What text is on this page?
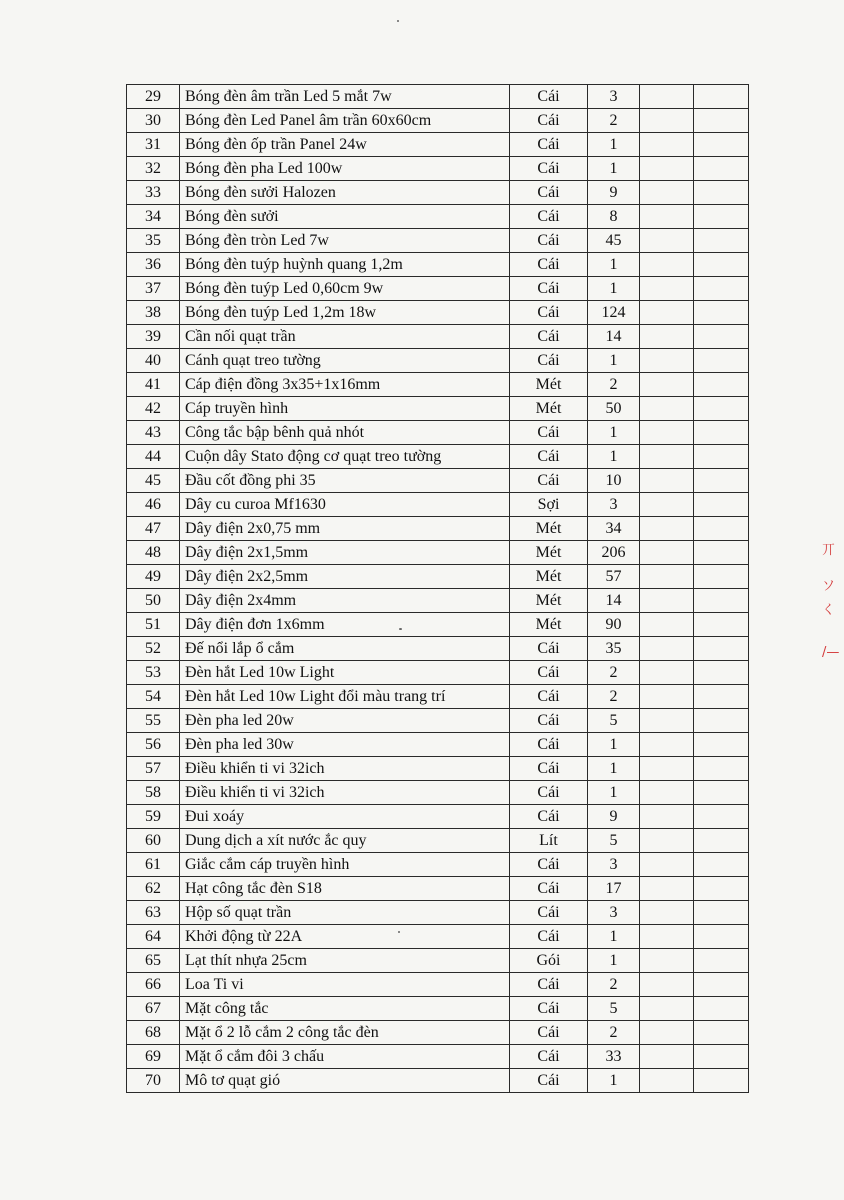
29	Bóng đèn âm trần Led 5 mắt 7w	Cái	3		
30	Bóng đèn Led Panel âm trần 60x60cm	Cái	2		
31	Bóng đèn ốp trần Panel 24w	Cái	1		
32	Bóng đèn pha Led 100w	Cái	1		
33	Bóng đèn sưởi Halozen	Cái	9		
34	Bóng đèn sưởi	Cái	8		
35	Bóng đèn tròn Led 7w	Cái	45		
36	Bóng đèn tuýp huỳnh quang 1,2m	Cái	1		
37	Bóng đèn tuýp Led 0,60cm 9w	Cái	1		
38	Bóng đèn tuýp Led 1,2m 18w	Cái	124		
39	Cần nối quạt trần	Cái	14		
40	Cánh quạt treo tường	Cái	1		
41	Cáp điện đồng 3x35+1x16mm	Mét	2		
42	Cáp truyền hình	Mét	50		
43	Công tắc bập bênh quả nhót	Cái	1		
44	Cuộn dây Stato động cơ quạt treo tường	Cái	1		
45	Đầu cốt đồng phi 35	Cái	10		
46	Dây cu curoa Mf1630	Sợi	3		
47	Dây điện 2x0,75 mm	Mét	34		
48	Dây điện 2x1,5mm	Mét	206		
49	Dây điện 2x2,5mm	Mét	57		
50	Dây điện 2x4mm	Mét	14		
51	Dây điện đơn 1x6mm	Mét	90		
52	Đế nổi lắp ổ cắm	Cái	35		
53	Đèn hắt Led 10w Light	Cái	2		
54	Đèn hắt Led 10w Light đổi màu trang trí	Cái	2		
55	Đèn pha led 20w	Cái	5		
56	Đèn pha led 30w	Cái	1		
57	Điều khiển ti vi 32ich	Cái	1		
58	Điều khiển ti vi 32ich	Cái	1		
59	Đui xoáy	Cái	9		
60	Dung dịch a xít nước ắc quy	Lít	5		
61	Giắc cắm cáp truyền hình	Cái	3		
62	Hạt công tắc đèn S18	Cái	17		
63	Hộp số quạt trần	Cái	3		
64	Khởi động từ 22A	Cái	1		
65	Lạt thít nhựa 25cm	Gói	1		
66	Loa Ti vi	Cái	2		
67	Mặt công tắc	Cái	5		
68	Mặt ổ 2 lỗ cắm 2 công tắc đèn	Cái	2		
69	Mặt ổ cắm đôi 3 chấu	Cái	33		
70	Mô tơ quạt gió	Cái	1		
丌
ソ
く
/—
